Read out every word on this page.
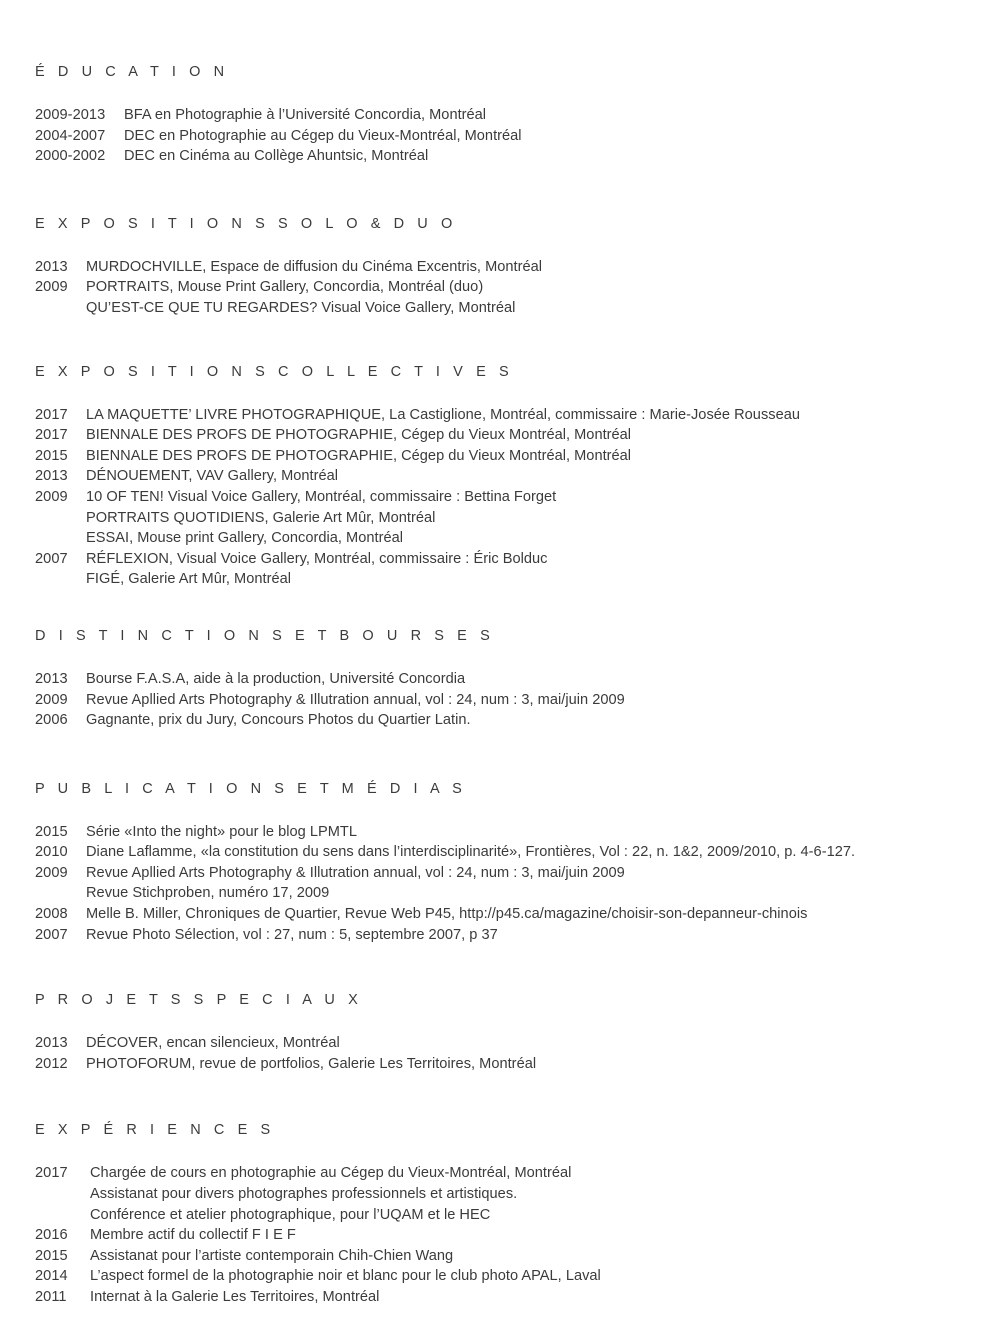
É D U C A T I O N
2009-2013	BFA en Photographie à l’Université Concordia, Montréal
2004-2007	DEC en Photographie au Cégep du Vieux-Montréal, Montréal
2000-2002	DEC en Cinéma au Collège Ahuntsic, Montréal
E X P O S I T I O N S S O L O & D U O
2013	MURDOCHVILLE, Espace de diffusion du Cinéma Excentris, Montréal
2009	PORTRAITS, Mouse Print Gallery, Concordia, Montréal (duo)
QU’EST-CE QUE TU REGARDES? Visual Voice Gallery, Montréal
E X P O S I T I O N S C O L L E C T I V E S
2017	LA MAQUETTE’ LIVRE PHOTOGRAPHIQUE, La Castiglione, Montréal, commissaire : Marie-Josée Rousseau
2017	BIENNALE DES PROFS DE PHOTOGRAPHIE, Cégep du Vieux Montréal, Montréal
2015	BIENNALE DES PROFS DE PHOTOGRAPHIE, Cégep du Vieux Montréal, Montréal
2013	DÉNOUEMENT, VAV Gallery, Montréal
2009	10 OF TEN! Visual Voice Gallery, Montréal, commissaire : Bettina Forget
PORTRAITS QUOTIDIENS, Galerie Art Mûr, Montréal
ESSAI, Mouse print Gallery, Concordia, Montréal
2007	RÉFLEXION, Visual Voice Gallery, Montréal, commissaire : Éric Bolduc
FIGÉ, Galerie Art Mûr, Montréal
D I S T I N C T I O N S E T B O U R S E S
2013	Bourse F.A.S.A, aide à la production, Université Concordia
2009	Revue Apllied Arts Photography & Illutration annual, vol : 24, num : 3, mai/juin 2009
2006	Gagnante, prix du Jury, Concours Photos du Quartier Latin.
P U B L I C A T I O N S E T M É D I A S
2015	Série «Into the night» pour le blog LPMTL
2010	Diane Laflamme, «la constitution du sens dans l’interdisciplinarité», Frontières, Vol : 22, n. 1&2, 2009/2010, p. 4-6-127.
2009	Revue Apllied Arts Photography & Illutration annual, vol : 24, num : 3, mai/juin 2009
Revue Stichproben, numéro 17, 2009
2008	Melle B. Miller, Chroniques de Quartier, Revue Web P45, http://p45.ca/magazine/choisir-son-depanneur-chinois
2007	Revue Photo Sélection, vol : 27, num : 5, septembre 2007, p 37
P R O J E T S S P E C I A U X
2013	DÉCOVER, encan silencieux, Montréal
2012	PHOTOFORUM, revue de portfolios, Galerie Les Territoires, Montréal
E X P É R I E N C E S
2017	Chargée de cours en photographie au Cégep du Vieux-Montréal, Montréal
Assistanat pour divers photographes professionnels et artistiques.
Conférence et atelier photographique, pour l’UQAM et le HEC
2016	Membre actif du collectif F I E F
2015	Assistanat pour l’artiste contemporain Chih-Chien Wang
2014	L’aspect formel de la photographie noir et blanc pour le club photo APAL, Laval
2011	Internat à la Galerie Les Territoires, Montréal
